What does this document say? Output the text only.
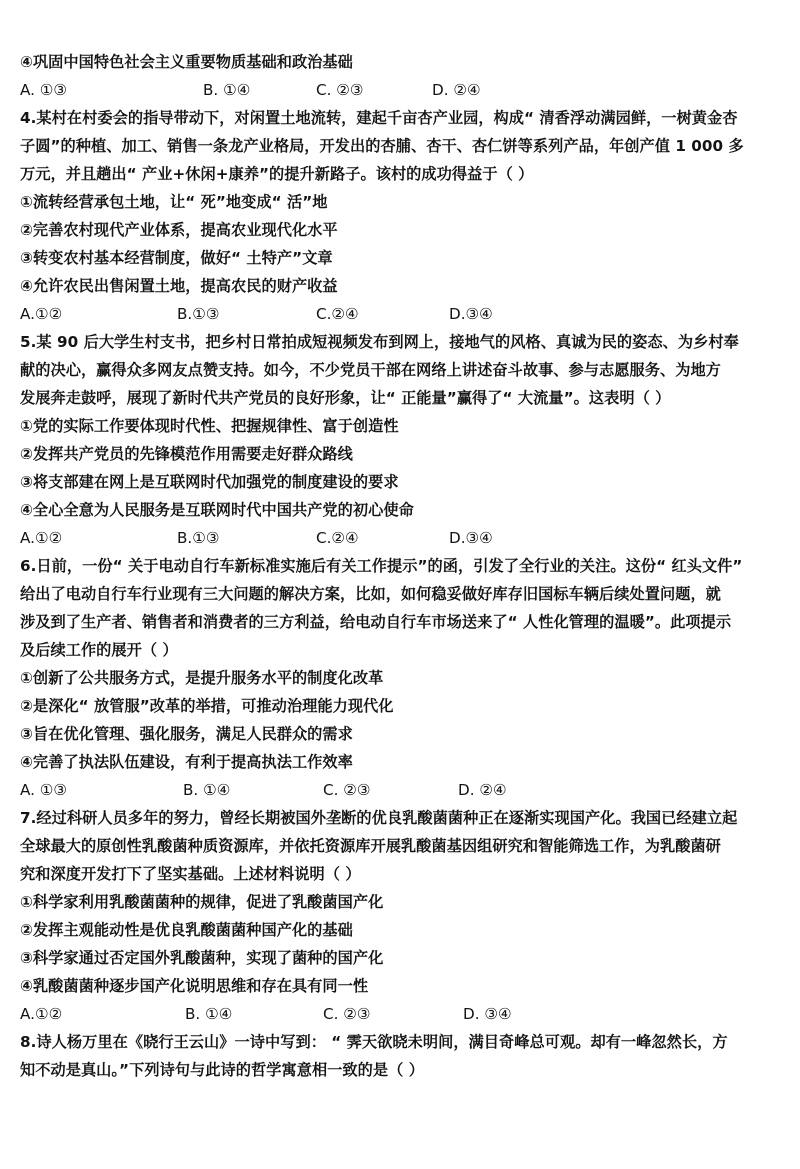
④巩固中国特色社会主义重要物质基础和政治基础
A. ①③	B. ①④	C. ②③	D. ②④
4.某村在村委会的指导带动下，对闲置土地流转，建起千亩杏产业园，构成“ 清香浮动满园鲜，一树黄金杏
子圆”的种植、加工、销售一条龙产业格局，开发出的杏脯、杏干、杏仁饼等系列产品，年创产值 1 000 多
万元，并且趟出“ 产业+休闲+康养”的提升新路子。该村的成功得益于（ ）
①流转经营承包土地，让“ 死”地变成“ 活”地
②完善农村现代产业体系，提高农业现代化水平
③转变农村基本经营制度，做好“ 土特产”文章
④允许农民出售闲置土地，提高农民的财产收益
A.①②	B.①③	C.②④	D.③④
5.某 90 后大学生村支书，把乡村日常拍成短视频发布到网上，接地气的风格、真诚为民的姿态、为乡村奉
献的决心，赢得众多网友点赞支持。如今，不少党员干部在网络上讲述奋斗故事、参与志愿服务、为地方
发展奔走鼓呼，展现了新时代共产党员的良好形象，让“ 正能量”赢得了“ 大流量”。这表明（ ）
①党的实际工作要体现时代性、把握规律性、富于创造性
②发挥共产党员的先锋模范作用需要走好群众路线
③将支部建在网上是互联网时代加强党的制度建设的要求
④全心全意为人民服务是互联网时代中国共产党的初心使命
A.①②	B.①③	C.②④	D.③④
6.日前，一份“ 关于电动自行车新标准实施后有关工作提示”的函，引发了全行业的关注。这份“ 红头文件”
给出了电动自行车行业现有三大问题的解决方案，比如，如何稳妥做好库存旧国标车辆后续处置问题，就
涉及到了生产者、销售者和消费者的三方利益，给电动自行车市场送来了“ 人性化管理的温暖”。此项提示
及后续工作的展开（ ）
①创新了公共服务方式，是提升服务水平的制度化改革
②是深化“ 放管服”改革的举措，可推动治理能力现代化
③旨在优化管理、强化服务，满足人民群众的需求
④完善了执法队伍建设，有利于提高执法工作效率
A. ①③	B. ①④	C. ②③	D. ②④
7.经过科研人员多年的努力，曾经长期被国外垄断的优良乳酸菌菌种正在逐渐实现国产化。我国已经建立起
全球最大的原创性乳酸菌种质资源库，并依托资源库开展乳酸菌基因组研究和智能筛选工作，为乳酸菌研
究和深度开发打下了坚实基础。上述材料说明（ ）
①科学家利用乳酸菌菌种的规律，促进了乳酸菌国产化
②发挥主观能动性是优良乳酸菌菌种国产化的基础
③科学家通过否定国外乳酸菌种，实现了菌种的国产化
④乳酸菌菌种逐步国产化说明思维和存在具有同一性
A.①②	B. ①④	C. ②③	D. ③④
8.诗人杨万里在《晓行王云山》一诗中写到： “ 霁天欲晓未明间，满目奇峰总可观。却有一峰忽然长，方
知不动是真山。”下列诗句与此诗的哲学寓意相一致的是（ ）
